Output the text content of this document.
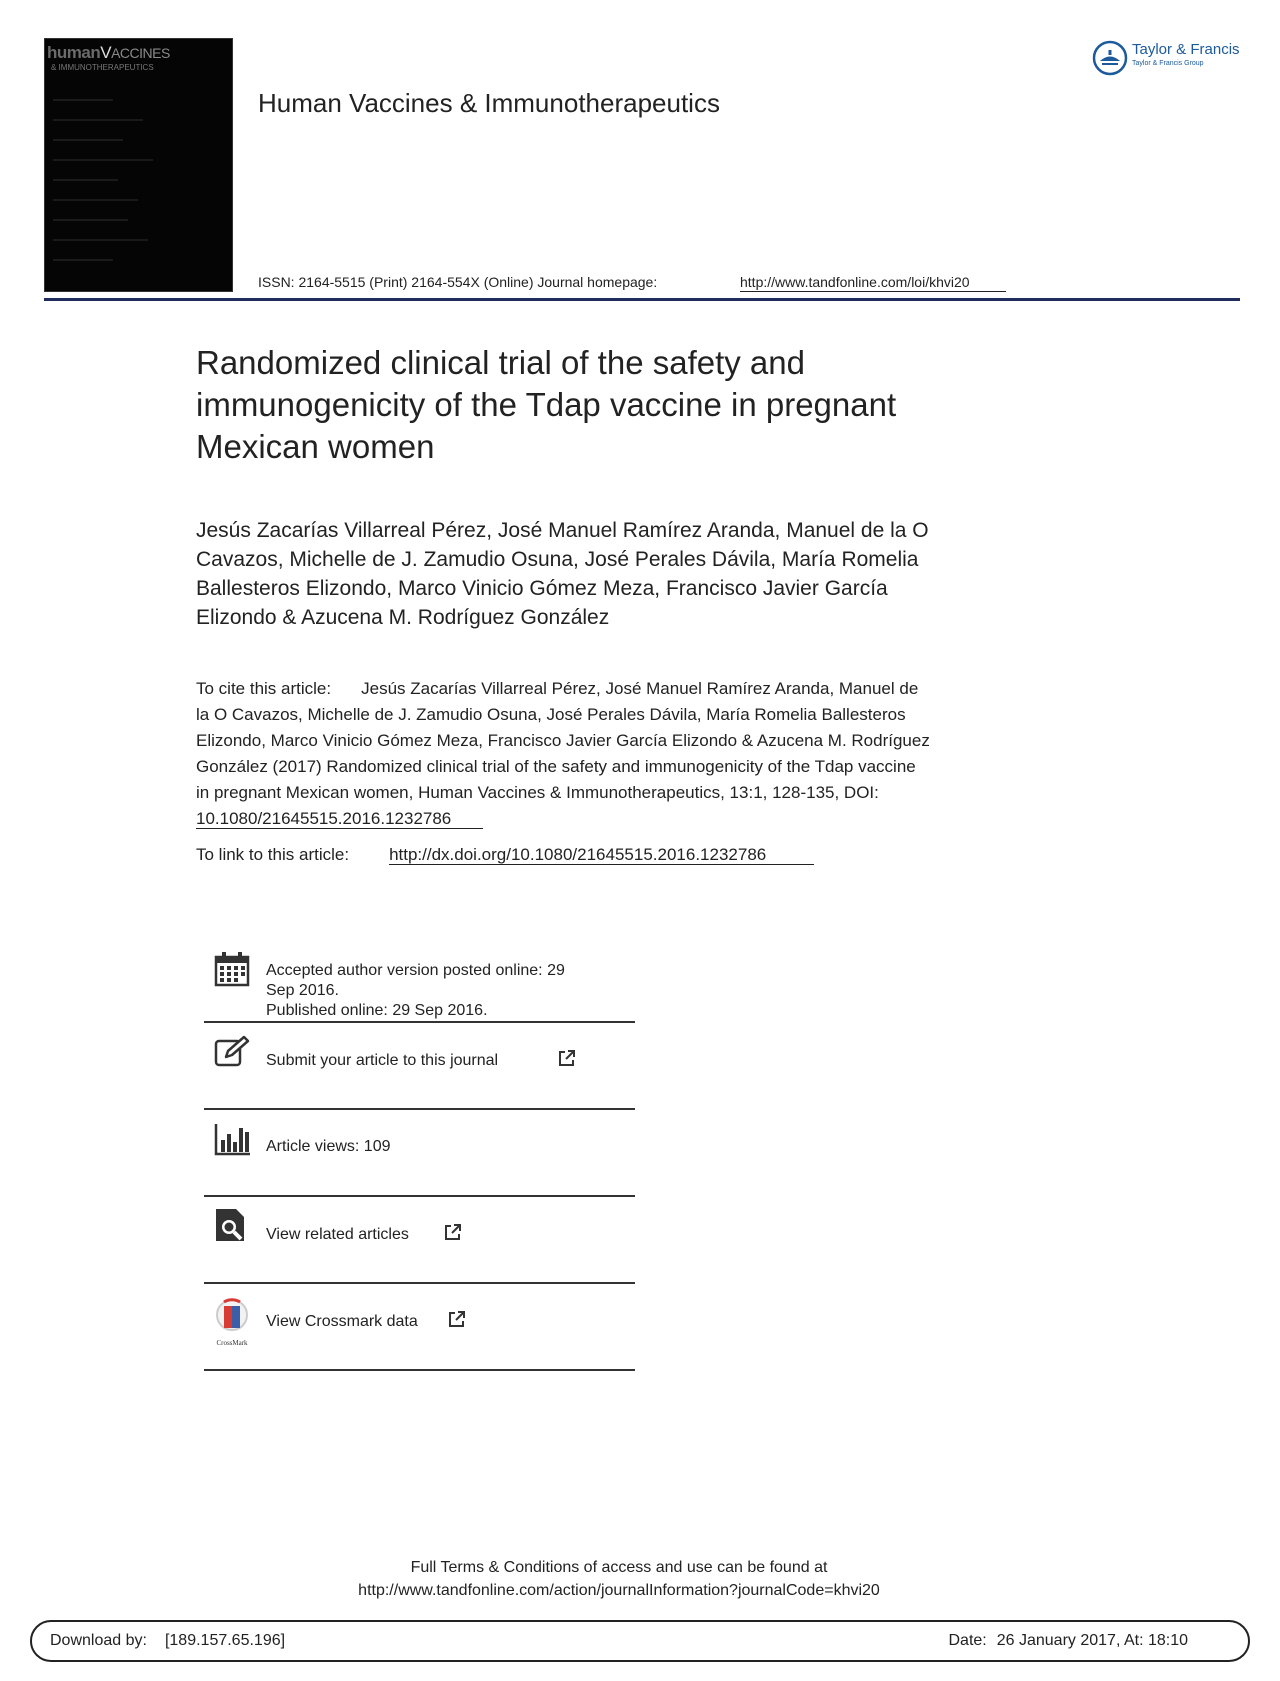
humanVACCINES
& IMMUNOTHERAPEUTICS
Taylor & Francis
Taylor & Francis Group
Human Vaccines & Immunotherapeutics
ISSN: 2164-5515 (Print) 2164-554X (Online) Journal homepage:	http://www.tandfonline.com/loi/khvi20
Randomized clinical trial of the safety and
immunogenicity of the Tdap vaccine in pregnant
Mexican women
Jesús Zacarías Villarreal Pérez, José Manuel Ramírez Aranda, Manuel de la O
Cavazos, Michelle de J. Zamudio Osuna, José Perales Dávila, María Romelia
Ballesteros Elizondo, Marco Vinicio Gómez Meza, Francisco Javier García
Elizondo & Azucena M. Rodríguez González
To cite this article: Jesús Zacarías Villarreal Pérez, José Manuel Ramírez Aranda, Manuel de
la O Cavazos, Michelle de J. Zamudio Osuna, José Perales Dávila, María Romelia Ballesteros
Elizondo, Marco Vinicio Gómez Meza, Francisco Javier García Elizondo & Azucena M. Rodríguez
González (2017) Randomized clinical trial of the safety and immunogenicity of the Tdap vaccine
in pregnant Mexican women, Human Vaccines & Immunotherapeutics, 13:1, 128-135, DOI:
10.1080/21645515.2016.1232786
To link to this article: http://dx.doi.org/10.1080/21645515.2016.1232786
Accepted author version posted online: 29 Sep 2016.
Published online: 29 Sep 2016.
Submit your article to this journal
Article views: 109
View related articles
CrossMark
View Crossmark data
Full Terms & Conditions of access and use can be found at
http://www.tandfonline.com/action/journalInformation?journalCode=khvi20
Download by: [189.157.65.196]	Date: 26 January 2017, At: 18:10
